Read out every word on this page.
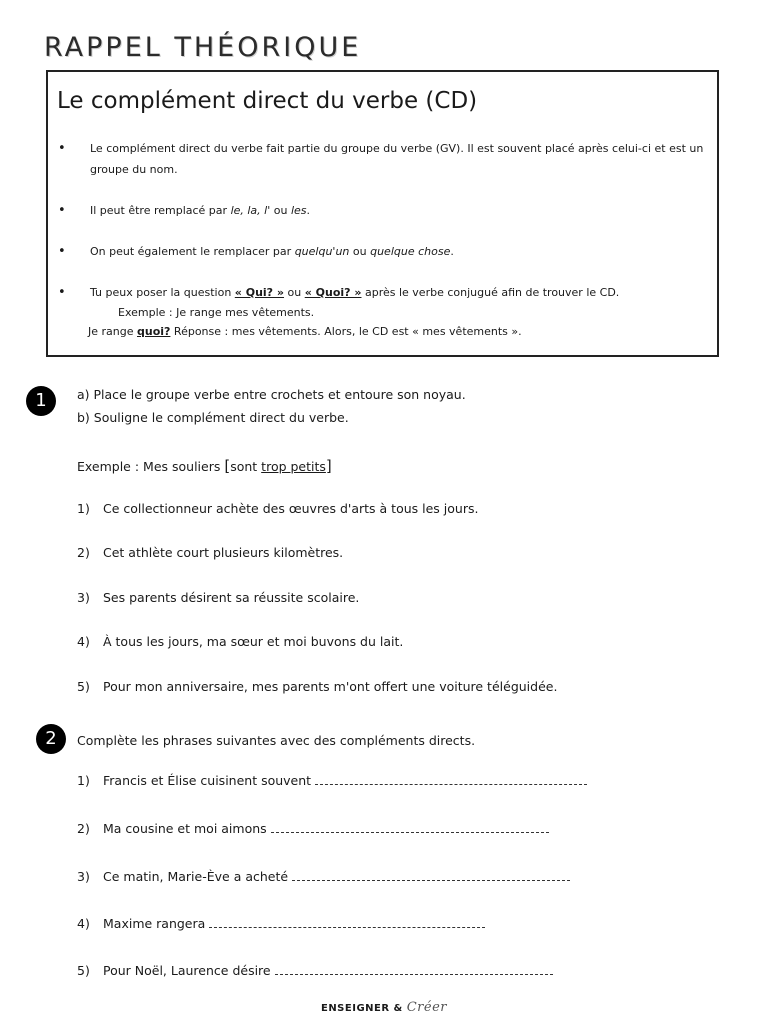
RAPPEL THÉORIQUE
Le complément direct du verbe (CD)
• Le complément direct du verbe fait partie du groupe du verbe (GV). Il est souvent placé après celui-ci et est un groupe du nom.
• Il peut être remplacé par le, la, l' ou les.
• On peut également le remplacer par quelqu'un ou quelque chose.
• Tu peux poser la question « Qui? » ou « Quoi? » après le verbe conjugué afin de trouver le CD.
Exemple : Je range mes vêtements.
Je range quoi? Réponse : mes vêtements. Alors, le CD est « mes vêtements ».
1	a) Place le groupe verbe entre crochets et entoure son noyau.
b) Souligne le complément direct du verbe.
Exemple : Mes souliers [sont trop petits]
1) Ce collectionneur achète des œuvres d'arts à tous les jours.
2) Cet athlète court plusieurs kilomètres.
3) Ses parents désirent sa réussite scolaire.
4) À tous les jours, ma sœur et moi buvons du lait.
5) Pour mon anniversaire, mes parents m'ont offert une voiture téléguidée.
2	Complète les phrases suivantes avec des compléments directs.
1) Francis et Élise cuisinent souvent
2) Ma cousine et moi aimons
3) Ce matin, Marie-Ève a acheté
4) Maxime rangera
5) Pour Noël, Laurence désire
ENSEIGNER & Créer
